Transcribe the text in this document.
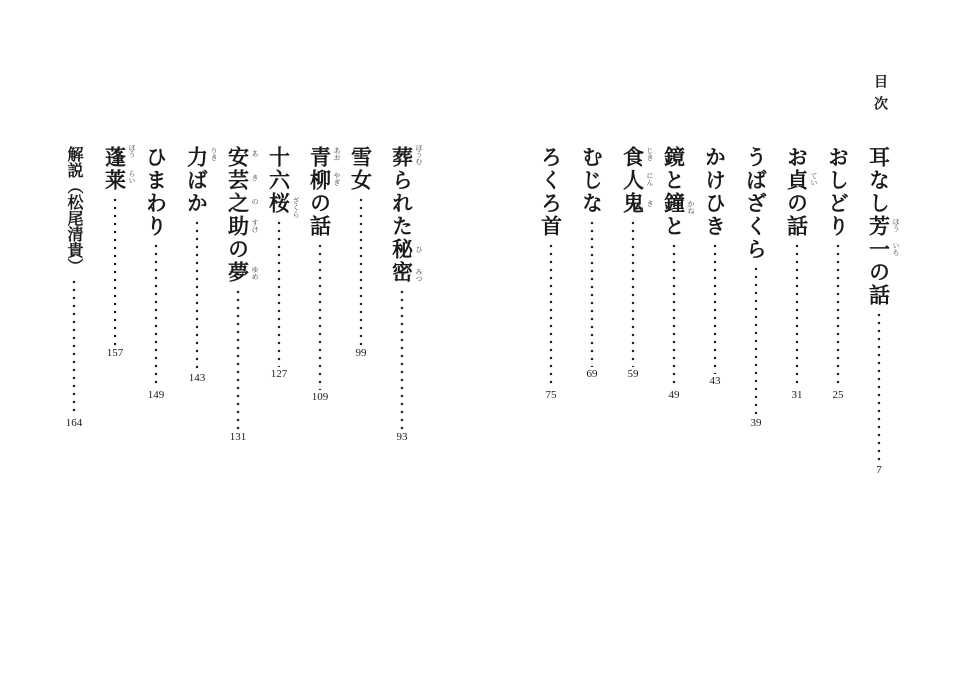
目次
耳なし芳一の話
7
おしどり
25
お貞の話
31
うばざくら
39
かけひき
43
鏡と鐘と
49
食人鬼
59
むじな
69
ろくろ首
75
葬られた秘密
93
雪女
99
青柳の話
109
十六桜
127
安芸之助の夢
131
力ばか
143
ひまわり
149
蓬莱
157
解説（松尾清貴）
164
ほう
いち
てい
かね
じき
にん
き
ほうむ
ひ
みつ
あお
やぎ
ざくら
あ
き
の
すけ
ゆめ
りき
ほう
らい
